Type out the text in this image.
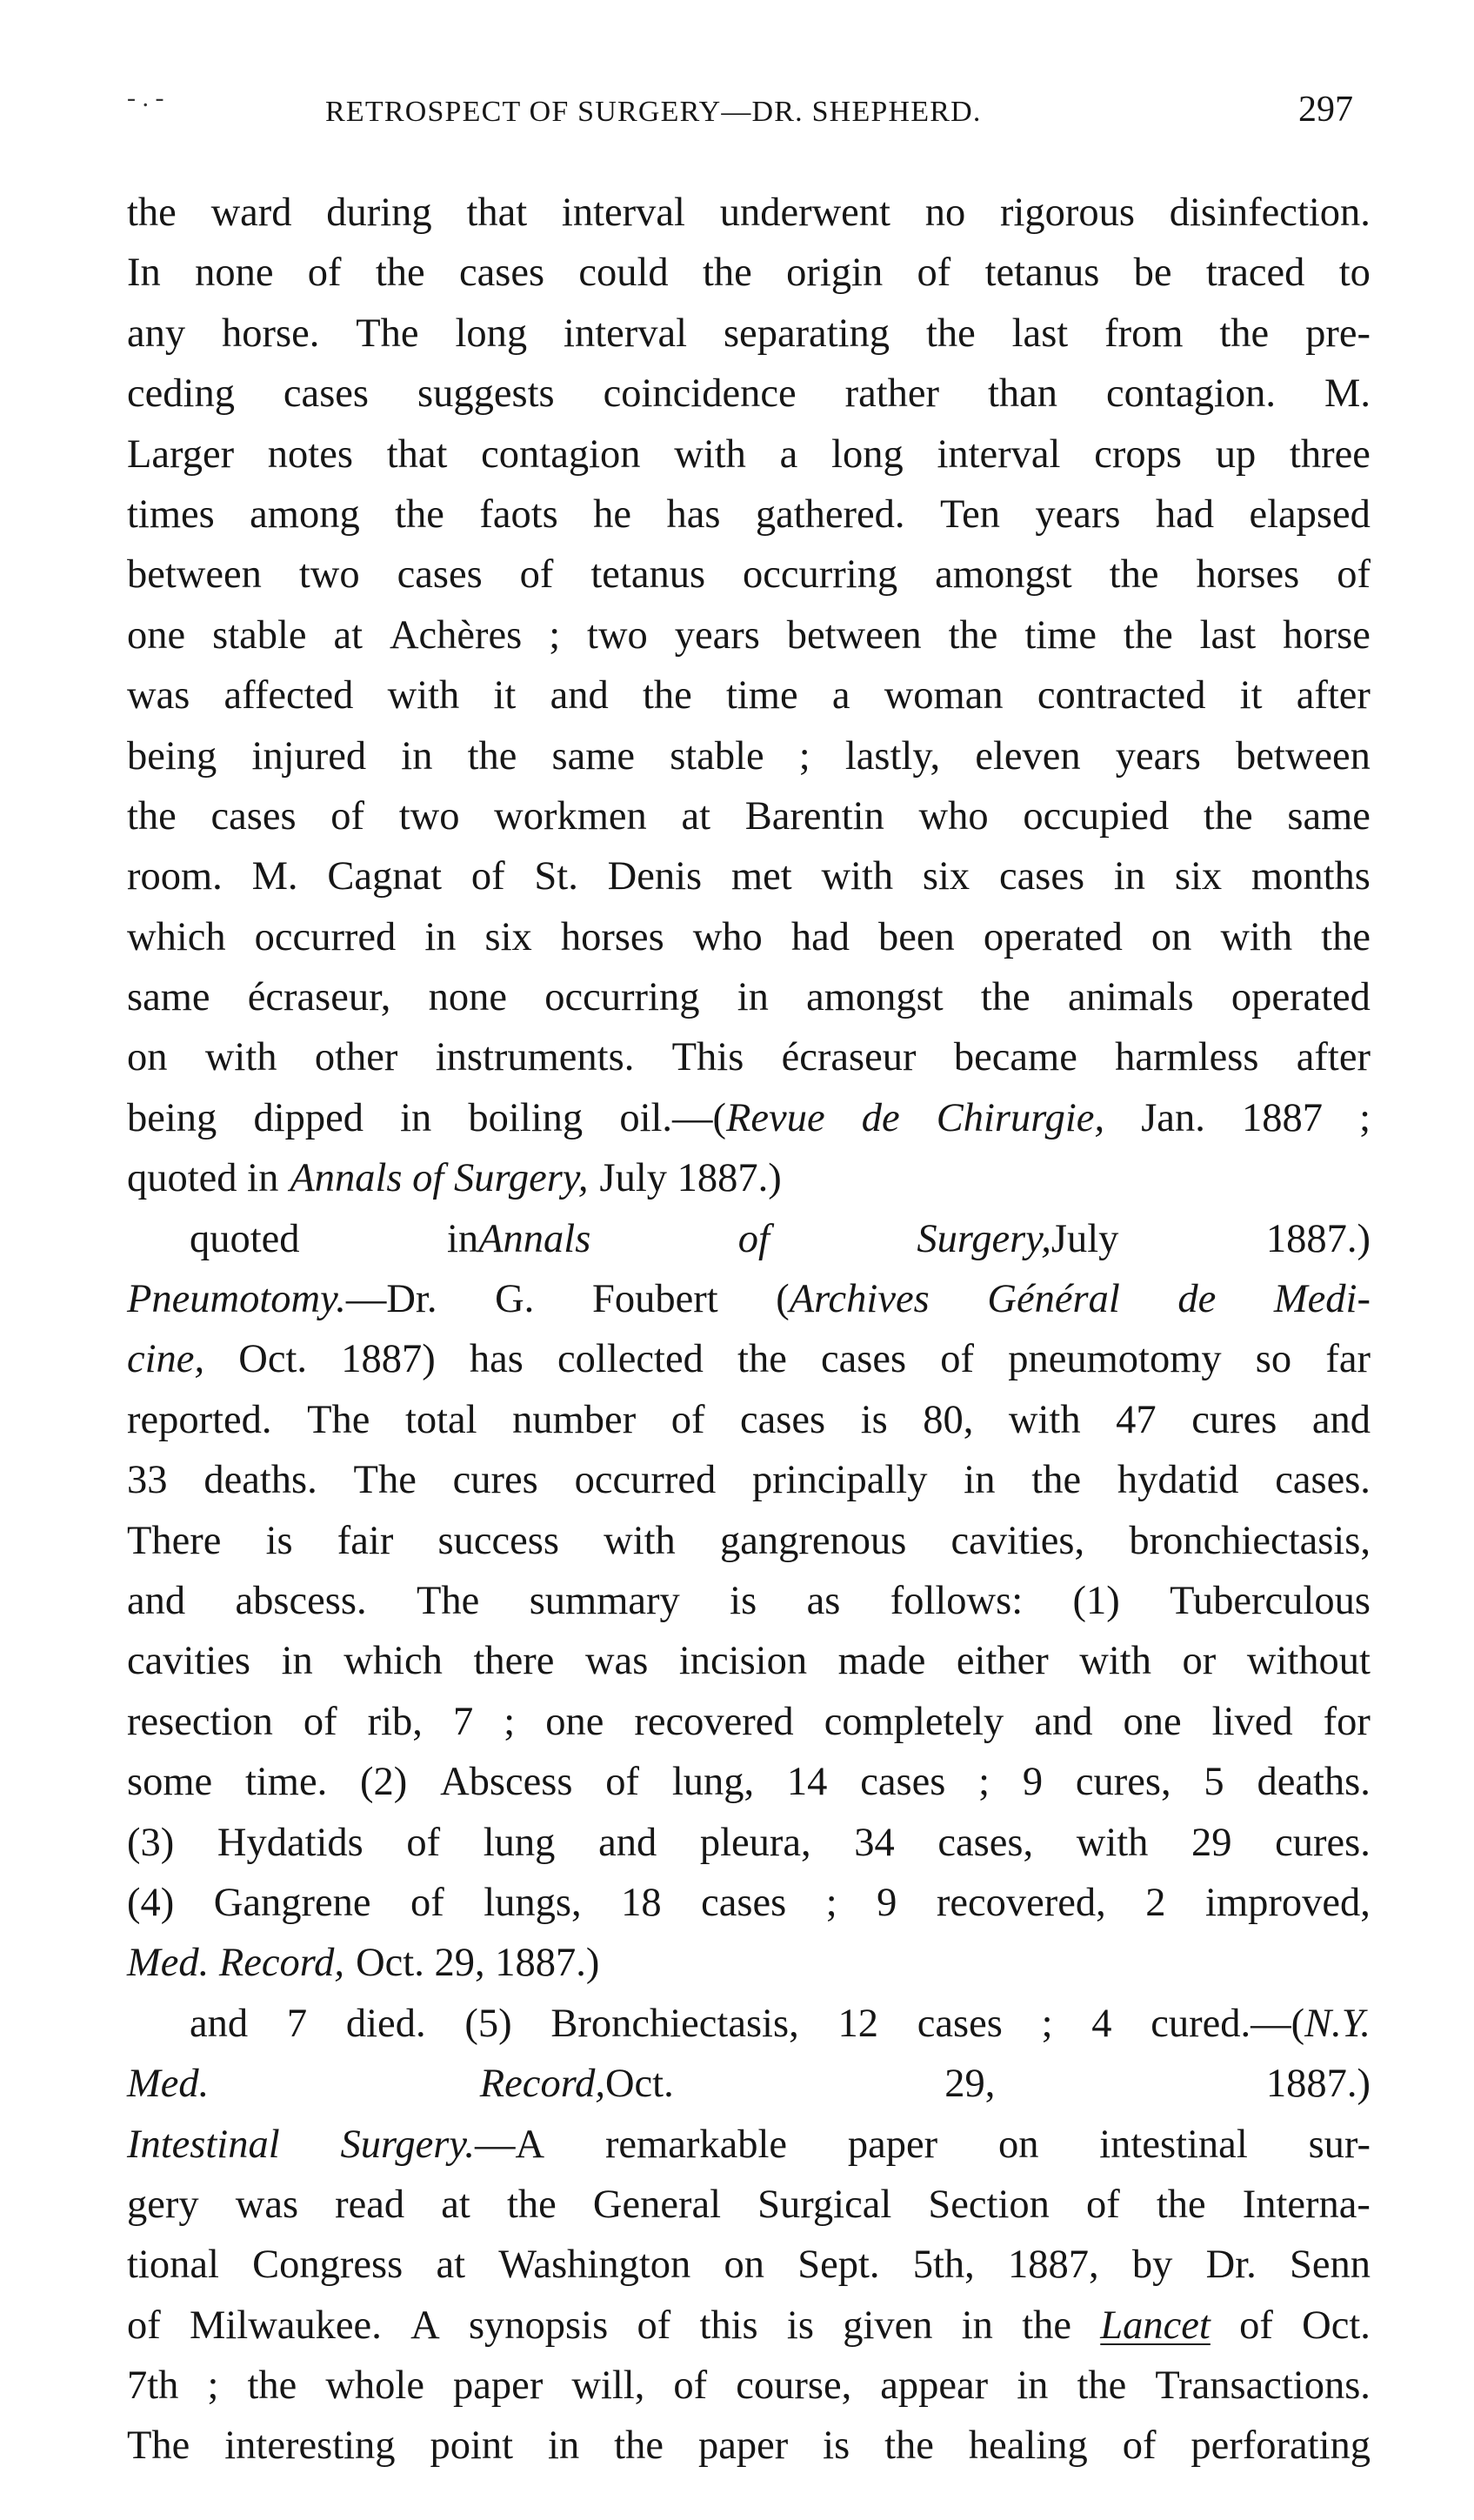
- . -	RETROSPECT OF SURGERY—DR. SHEPHERD.	297
the ward during that interval underwent no rigorous disinfection.
In none of the cases could the origin of tetanus be traced to
any horse. The long interval separating the last from the pre-
ceding cases suggests coincidence rather than contagion. M.
Larger notes that contagion with a long interval crops up three
times among the faots he has gathered. Ten years had elapsed
between two cases of tetanus occurring amongst the horses of
one stable at Achères ; two years between the time the last horse
was affected with it and the time a woman contracted it after
being injured in the same stable ; lastly, eleven years between
the cases of two workmen at Barentin who occupied the same
room. M. Cagnat of St. Denis met with six cases in six months
which occurred in six horses who had been operated on with the
same écraseur, none occurring in amongst the animals operated
on with other instruments. This écraseur became harmless after
being dipped in boiling oil.—(Revue de Chirurgie, Jan. 1887 ;
quoted in Annals of Surgery, July 1887.)
quoted	inAnnals	of	Surgery,July	1887.)
Pneumotomy.—Dr. G. Foubert (Archives Général de Medi-
cine, Oct. 1887) has collected the cases of pneumotomy so far
reported. The total number of cases is 80, with 47 cures and
33 deaths. The cures occurred principally in the hydatid cases.
There is fair success with gangrenous cavities, bronchiectasis,
and abscess. The summary is as follows: (1) Tuberculous
cavities in which there was incision made either with or without
resection of rib, 7 ; one recovered completely and one lived for
some time. (2) Abscess of lung, 14 cases ; 9 cures, 5 deaths.
(3) Hydatids of lung and pleura, 34 cases, with 29 cures.
(4) Gangrene of lungs, 18 cases ; 9 recovered, 2 improved,
Med. Record, Oct. 29, 1887.)
and 7 died. (5) Bronchiectasis, 12 cases ; 4 cured.—(N.Y.
Med.	Record,Oct.	29,	1887.)
Intestinal Surgery.—A remarkable paper on intestinal sur-
gery was read at the General Surgical Section of the Interna-
tional Congress at Washington on Sept. 5th, 1887, by Dr. Senn
of Milwaukee. A synopsis of this is given in the Lancet of Oct.
7th ; the whole paper will, of course, appear in the Transactions.
The interesting point in the paper is the healing of perforating
